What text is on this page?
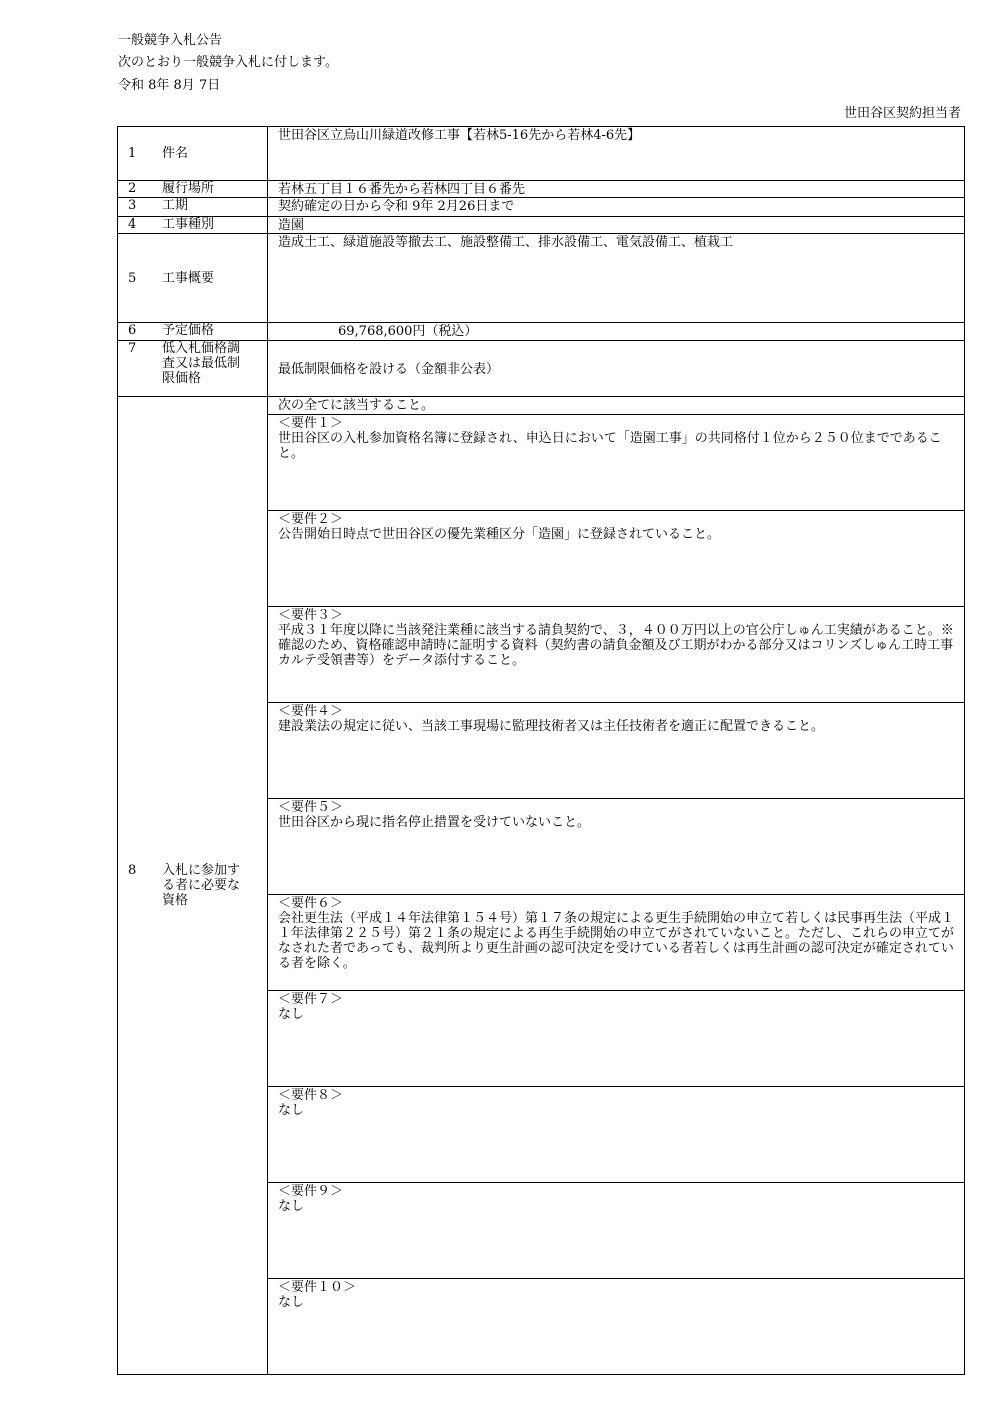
一般競争入札公告
次のとおり一般競争入札に付します。
令和 8年 8月 7日
世田谷区契約担当者
1 件名	世田谷区立烏山川緑道改修工事【若林5-16先から若林4-6先】
2 履行場所	若林五丁目１６番先から若林四丁目６番先
3 工期	契約確定の日から令和 9年 2月26日まで
4 工事種別	造園
5 工事概要	造成土工、緑道施設等撤去工、施設整備工、排水設備工、電気設備工、植栽工
6 予定価格	69,768,600円（税込）
7 低入札価格調査又は最低制限価格	最低制限価格を設ける（金額非公表）
8 入札に参加する者に必要な資格	次の全てに該当すること。

	＜要件１＞
世田谷区の入札参加資格名簿に登録され、申込日において「造園工事」の共同格付１位から２５０位までであること。

	＜要件２＞
公告開始日時点で世田谷区の優先業種区分「造園」に登録されていること。

	＜要件３＞
平成３１年度以降に当該発注業種に該当する請負契約で、３，４００万円以上の官公庁しゅん工実績があること。※確認のため、資格確認申請時に証明する資料（契約書の請負金額及び工期がわかる部分又はコリンズしゅん工時工事カルテ受領書等）をデータ添付すること。

	＜要件４＞
建設業法の規定に従い、当該工事現場に監理技術者又は主任技術者を適正に配置できること。

	＜要件５＞
世田谷区から現に指名停止措置を受けていないこと。

	＜要件６＞
会社更生法（平成１４年法律第１５４号）第１７条の規定による更生手続開始の申立て若しくは民事再生法（平成１１年法律第２２５号）第２１条の規定による再生手続開始の申立てがされていないこと。ただし、これらの申立てがなされた者であっても、裁判所より更生計画の認可決定を受けている者若しくは再生計画の認可決定が確定されている者を除く。

	＜要件７＞
なし

	＜要件８＞
なし

	＜要件９＞
なし

	＜要件１０＞
なし
